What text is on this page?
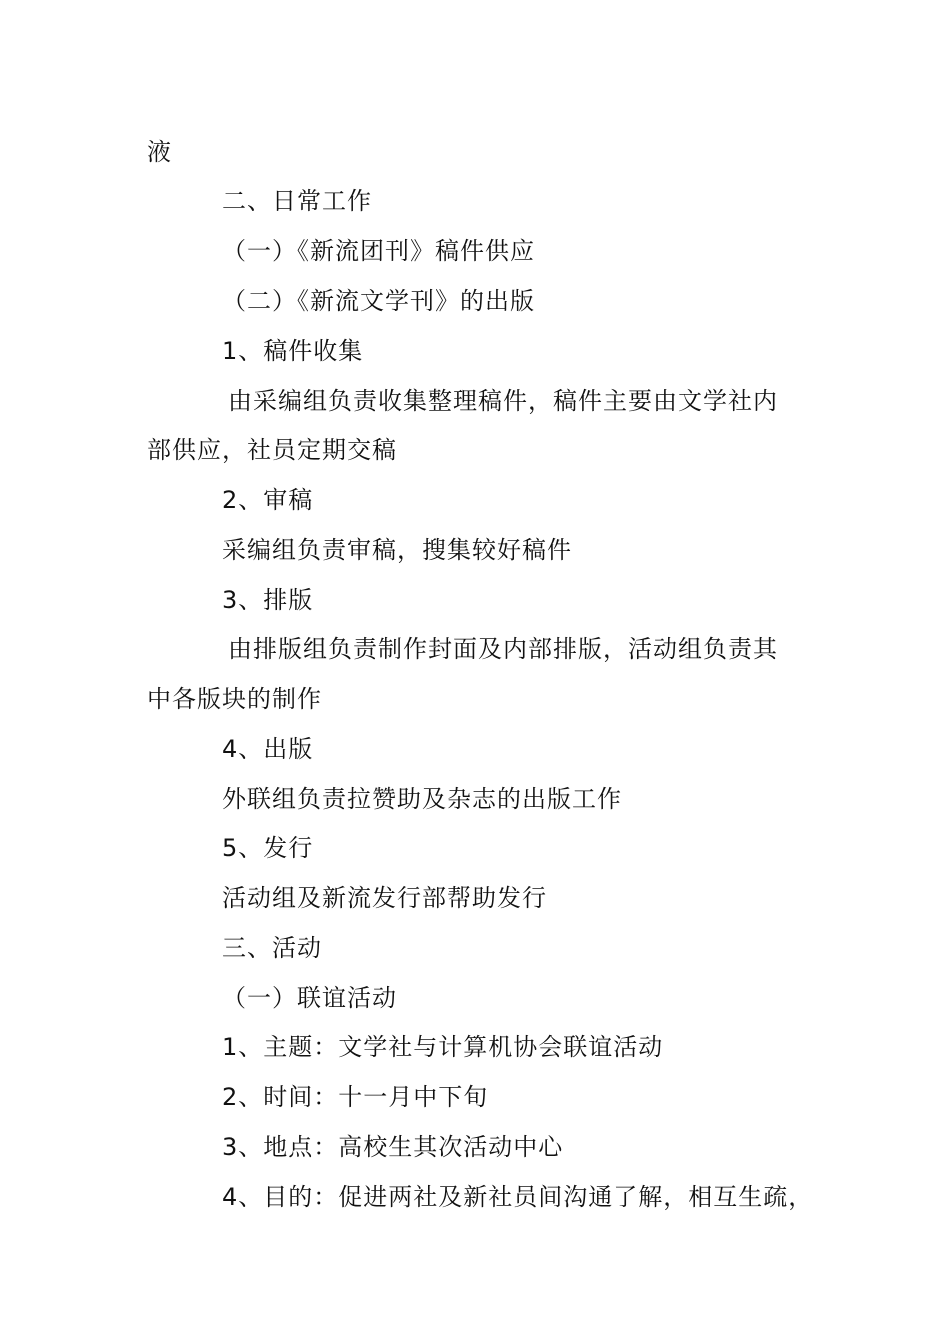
液
二、日常工作
（一）《新流团刊》稿件供应
（二）《新流文学刊》的出版
1、稿件收集
由采编组负责收集整理稿件，稿件主要由文学社内
部供应，社员定期交稿
2、审稿
采编组负责审稿，搜集较好稿件
3、排版
由排版组负责制作封面及内部排版，活动组负责其
中各版块的制作
4、出版
外联组负责拉赞助及杂志的出版工作
5、发行
活动组及新流发行部帮助发行
三、活动
（一）联谊活动
1、主题：文学社与计算机协会联谊活动
2、时间：十一月中下旬
3、地点：高校生其次活动中心
4、目的：促进两社及新社员间沟通了解，相互生疏，
